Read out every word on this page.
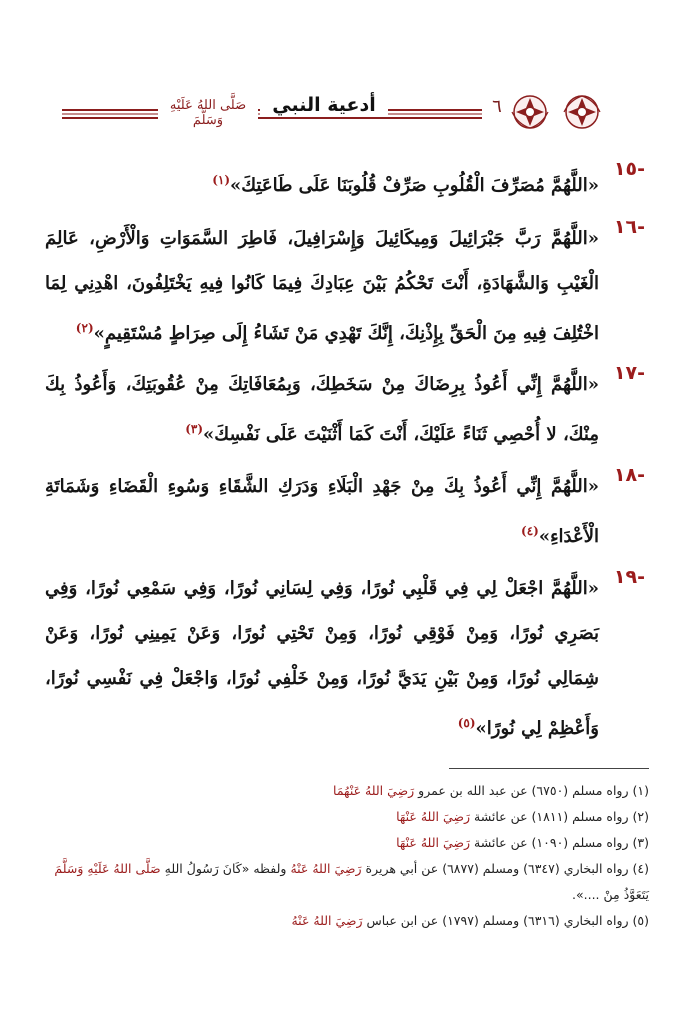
٦
أدعية النبي
صَلَّى اللهُ عَلَيْهِ وَسَلَّمَ
-١٥
«اللَّهُمَّ مُصَرِّفَ الْقُلُوبِ صَرِّفْ قُلُوبَنَا عَلَى طَاعَتِكَ»$^{(١)}$
-١٦
«اللَّهُمَّ رَبَّ جَبْرَائِيلَ وَمِيكَائِيلَ وَإِسْرَافِيلَ، فَاطِرَ السَّمَوَاتِ وَالْأَرْضِ، عَالِمَ الْغَيْبِ وَالشَّهَادَةِ، أَنْتَ تَحْكُمُ بَيْنَ عِبَادِكَ فِيمَا كَانُوا فِيهِ يَخْتَلِفُونَ، اهْدِنِي لِمَا اخْتُلِفَ فِيهِ مِنَ الْحَقِّ بِإِذْنِكَ، إِنَّكَ تَهْدِي مَنْ تَشَاءُ إِلَى صِرَاطٍ مُسْتَقِيمٍ»$^{(٢)}$
-١٧
«اللَّهُمَّ إِنِّي أَعُوذُ بِرِضَاكَ مِنْ سَخَطِكَ، وَبِمُعَافَاتِكَ مِنْ عُقُوبَتِكَ، وَأَعُوذُ بِكَ مِنْكَ، لا أُحْصِي ثَنَاءً عَلَيْكَ، أَنْتَ كَمَا أَثْنَيْتَ عَلَى نَفْسِكَ»$^{(٣)}$
-١٨
«اللَّهُمَّ إِنِّي أَعُوذُ بِكَ مِنْ جَهْدِ الْبَلَاءِ وَدَرَكِ الشَّقَاءِ وَسُوءِ الْقَضَاءِ وَشَمَاتَةِ الْأَعْدَاءِ»$^{(٤)}$
-١٩
«اللَّهُمَّ اجْعَلْ لِي فِي قَلْبِي نُورًا، وَفِي لِسَانِي نُورًا، وَفِي سَمْعِي نُورًا، وَفِي بَصَرِي نُورًا، وَمِنْ فَوْقِي نُورًا، وَمِنْ تَحْتِي نُورًا، وَعَنْ يَمِينِي نُورًا، وَعَنْ شِمَالِي نُورًا، وَمِنْ بَيْنِ يَدَيَّ نُورًا، وَمِنْ خَلْفِي نُورًا، وَاجْعَلْ فِي نَفْسِي نُورًا، وَأَعْظِمْ لِي نُورًا»$^{(٥)}$
(١) رواه مسلم (٦٧٥٠) عن عبد الله بن عمرو رَضِيَ اللهُ عَنْهُمَا
(٢) رواه مسلم (١٨١١) عن عائشة رَضِيَ اللهُ عَنْهَا
(٣) رواه مسلم (١٠٩٠) عن عائشة رَضِيَ اللهُ عَنْهَا
(٤) رواه البخاري (٦٣٤٧) ومسلم (٦٨٧٧) عن أبي هريرة رَضِيَ اللهُ عَنْهُ ولفظه «كَانَ رَسُولُ اللهِ صَلَّى اللهُ عَلَيْهِ وَسَلَّمَ يَتَعَوَّذُ مِنْ ....».
(٥) رواه البخاري (٦٣١٦) ومسلم (١٧٩٧) عن ابن عباس رَضِيَ اللهُ عَنْهُ
